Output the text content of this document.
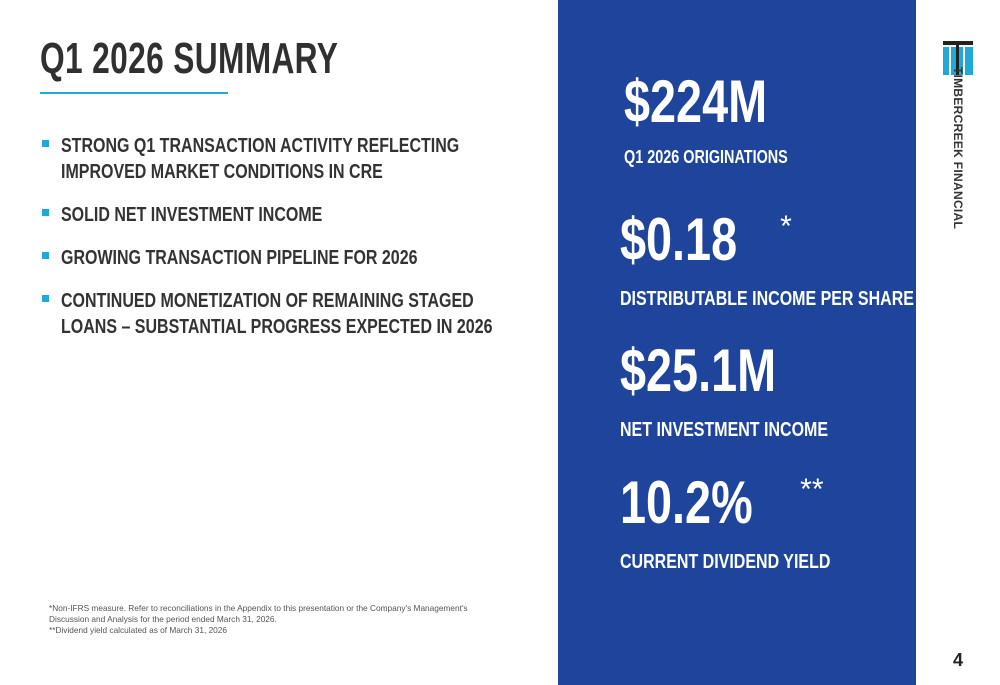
Q1 2026 SUMMARY
STRONG Q1 TRANSACTION ACTIVITY REFLECTING IMPROVED MARKET CONDITIONS IN CRE
SOLID NET INVESTMENT INCOME
GROWING TRANSACTION PIPELINE FOR 2026
CONTINUED MONETIZATION OF REMAINING STAGED LOANS – SUBSTANTIAL PROGRESS EXPECTED IN 2026

*Non-IFRS measure. Refer to reconciliations in the Appendix to this presentation or the Company's Management's Discussion and Analysis for the period ended March 31, 2026.

**Dividend yield calculated as of March 31, 2026

$224M
Q1 2026 ORIGINATIONS
$0.18 *
DISTRIBUTABLE INCOME PER SHARE
$25.1M
NET INVESTMENT INCOME
10.2% **
CURRENT DIVIDEND YIELD
TIMBERCREEK FINANCIAL
4
